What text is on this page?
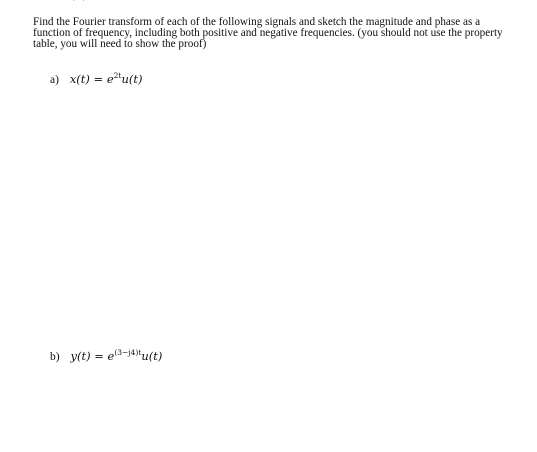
Find the Fourier transform of each of the following signals and sketch the magnitude and phase as a function of frequency, including both positive and negative frequencies. (you should not use the property table, you will need to show the proof)

a) $x(t) = e^{2t}u(t)$
b) $y(t) = e^{(3-j4)t}u(t)$
